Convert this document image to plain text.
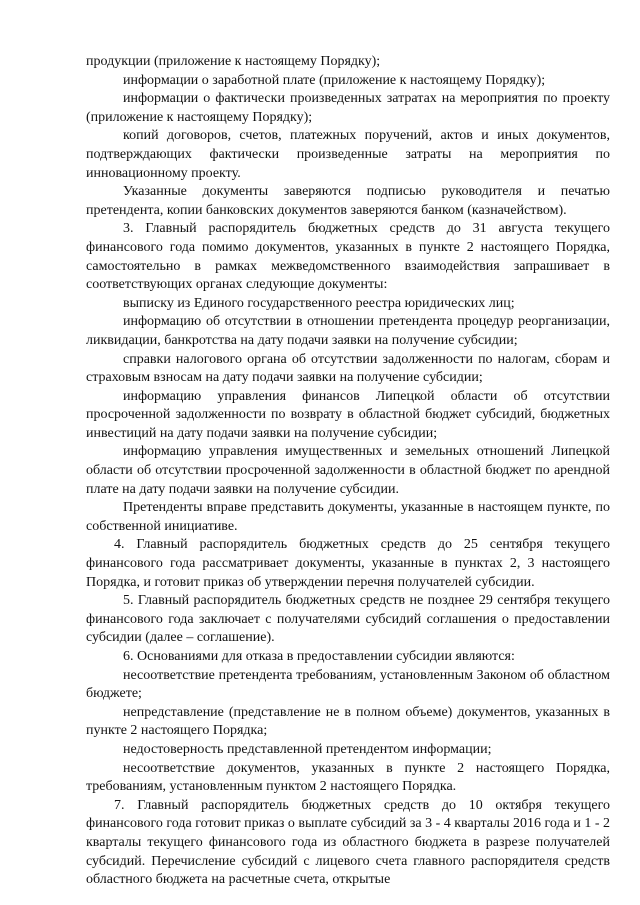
продукции (приложение к настоящему Порядку);

информации о заработной плате (приложение к настоящему Порядку);

информации о фактически произведенных затратах на мероприятия по проекту (приложение к настоящему Порядку);

копий договоров, счетов, платежных поручений, актов и иных документов, подтверждающих фактически произведенные затраты на мероприятия по инновационному проекту.

Указанные документы заверяются подписью руководителя и печатью претендента, копии банковских документов заверяются банком (казначейством).

3. Главный распорядитель бюджетных средств до 31 августа текущего финансового года помимо документов, указанных в пункте 2 настоящего Порядка, самостоятельно в рамках межведомственного взаимодействия запрашивает в соответствующих органах следующие документы:

выписку из Единого государственного реестра юридических лиц;

информацию об отсутствии в отношении претендента процедур реорганизации, ликвидации, банкротства на дату подачи заявки на получение субсидии;

справки налогового органа об отсутствии задолженности по налогам, сборам и страховым взносам на дату подачи заявки на получение субсидии;

информацию управления финансов Липецкой области об отсутствии просроченной задолженности по возврату в областной бюджет субсидий, бюджетных инвестиций на дату подачи заявки на получение субсидии;

информацию управления имущественных и земельных отношений Липецкой области об отсутствии просроченной задолженности в областной бюджет по арендной плате на дату подачи заявки на получение субсидии.

Претенденты вправе представить документы, указанные в настоящем пункте, по собственной инициативе.

4. Главный распорядитель бюджетных средств до 25 сентября текущего финансового года рассматривает документы, указанные в пунктах 2, 3 настоящего Порядка, и готовит приказ об утверждении перечня получателей субсидии.

5. Главный распорядитель бюджетных средств не позднее 29 сентября текущего финансового года заключает с получателями субсидий соглашения о предоставлении субсидии (далее – соглашение).

6. Основаниями для отказа в предоставлении субсидии являются:

несоответствие претендента требованиям, установленным Законом об областном бюджете;

непредставление (представление не в полном объеме) документов, указанных в пункте 2 настоящего Порядка;

недостоверность представленной претендентом информации;

несоответствие документов, указанных в пункте 2 настоящего Порядка, требованиям, установленным пунктом 2 настоящего Порядка.

7. Главный распорядитель бюджетных средств до 10 октября текущего финансового года готовит приказ о выплате субсидий за 3 - 4 кварталы 2016 года и 1 - 2 кварталы текущего финансового года из областного бюджета в разрезе получателей субсидий. Перечисление субсидий с лицевого счета главного распорядителя средств областного бюджета на расчетные счета, открытые
